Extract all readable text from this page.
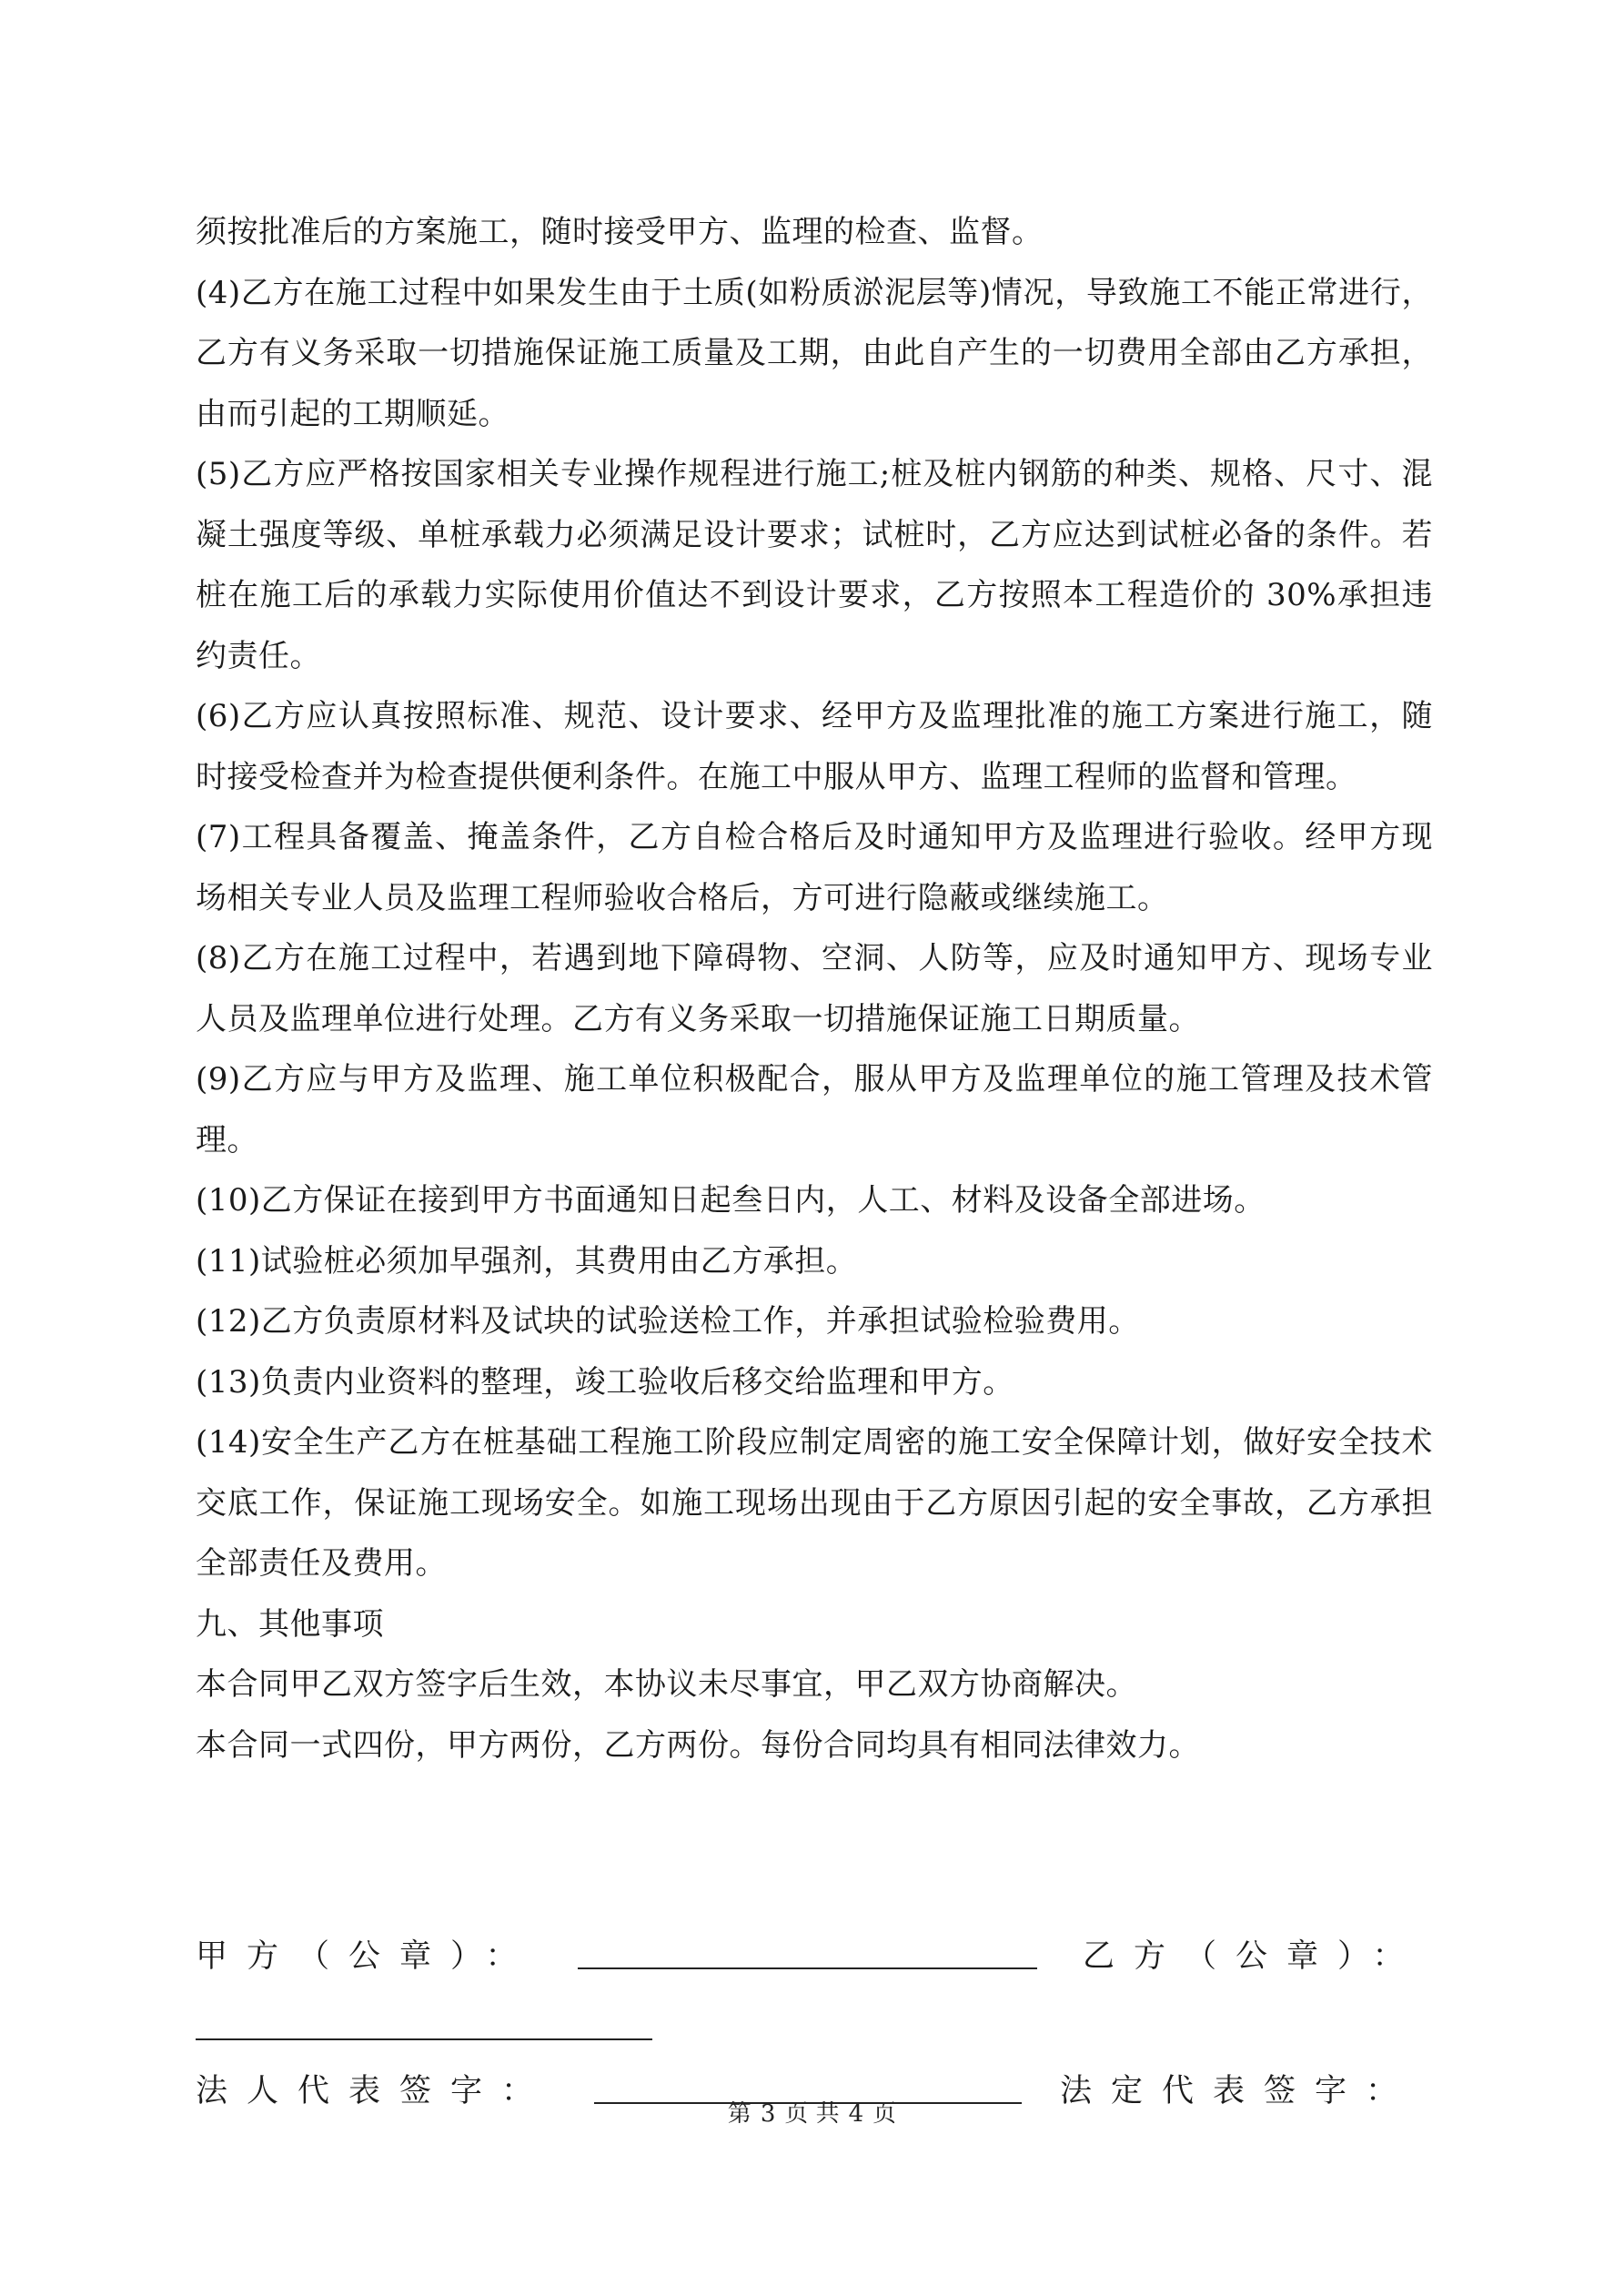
须按批准后的方案施工，随时接受甲方、监理的检查、监督。

(4)乙方在施工过程中如果发生由于土质(如粉质淤泥层等)情况，导致施工不能正常进行，乙方有义务采取一切措施保证施工质量及工期，由此自产生的一切费用全部由乙方承担，由而引起的工期顺延。

(5)乙方应严格按国家相关专业操作规程进行施工;桩及桩内钢筋的种类、规格、尺寸、混凝土强度等级、单桩承载力必须满足设计要求；试桩时，乙方应达到试桩必备的条件。若桩在施工后的承载力实际使用价值达不到设计要求，乙方按照本工程造价的 30%承担违约责任。

(6)乙方应认真按照标准、规范、设计要求、经甲方及监理批准的施工方案进行施工，随时接受检查并为检查提供便利条件。在施工中服从甲方、监理工程师的监督和管理。

(7)工程具备覆盖、掩盖条件，乙方自检合格后及时通知甲方及监理进行验收。经甲方现场相关专业人员及监理工程师验收合格后，方可进行隐蔽或继续施工。

(8)乙方在施工过程中，若遇到地下障碍物、空洞、人防等，应及时通知甲方、现场专业人员及监理单位进行处理。乙方有义务采取一切措施保证施工日期质量。

(9)乙方应与甲方及监理、施工单位积极配合，服从甲方及监理单位的施工管理及技术管理。

(10)乙方保证在接到甲方书面通知日起叁日内，人工、材料及设备全部进场。

(11)试验桩必须加早强剂，其费用由乙方承担。

(12)乙方负责原材料及试块的试验送检工作，并承担试验检验费用。

(13)负责内业资料的整理，竣工验收后移交给监理和甲方。

(14)安全生产乙方在桩基础工程施工阶段应制定周密的施工安全保障计划，做好安全技术交底工作，保证施工现场安全。如施工现场出现由于乙方原因引起的安全事故，乙方承担全部责任及费用。

九、其他事项

本合同甲乙双方签字后生效，本协议未尽事宜，甲乙双方协商解决。

本合同一式四份，甲方两份，乙方两份。每份合同均具有相同法律效力。

甲方（公章）：	乙方（公章）：
法人代表签字：	法定代表签字：
第 3 页 共 4 页
